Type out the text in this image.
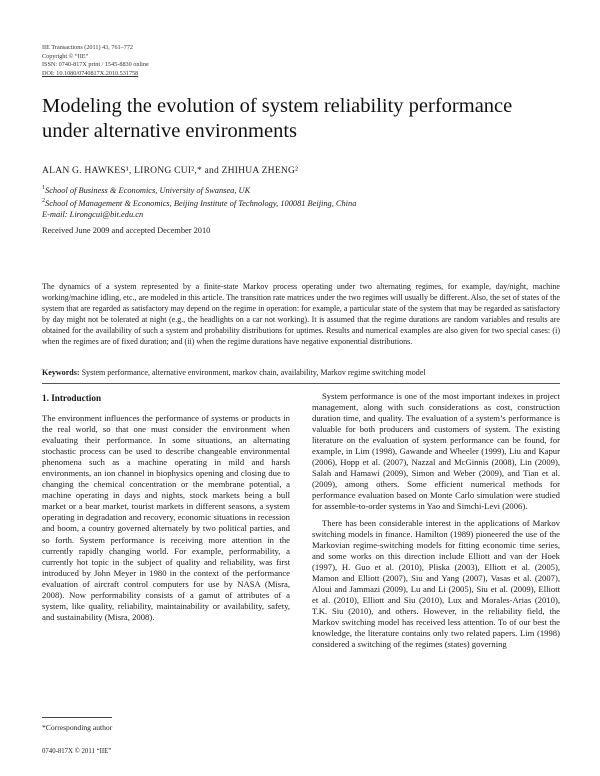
IIE Transactions (2011) 43, 761–772
Copyright © “IIE”
ISSN: 0740-817X print / 1545-8830 online
DOI: 10.1080/0740817X.2010.531758
Modeling the evolution of system reliability performance under alternative environments
ALAN G. HAWKES¹, LIRONG CUI²,* and ZHIHUA ZHENG²
$^1$School of Business & Economics, University of Swansea, UK
$^2$School of Management & Economics, Beijing Institute of Technology, 100081 Beijing, China
E-mail: Lirongcui@bit.edu.cn
Received June 2009 and accepted December 2010
The dynamics of a system represented by a finite-state Markov process operating under two alternating regimes, for example, day/night, machine working/machine idling, etc., are modeled in this article. The transition rate matrices under the two regimes will usually be different. Also, the set of states of the system that are regarded as satisfactory may depend on the regime in operation: for example, a particular state of the system that may be regarded as satisfactory by day might not be tolerated at night (e.g., the headlights on a car not working). It is assumed that the regime durations are random variables and results are obtained for the availability of such a system and probability distributions for uptimes. Results and numerical examples are also given for two special cases: (i) when the regimes are of fixed duration; and (ii) when the regime durations have negative exponential distributions.
Keywords: System performance, alternative environment, markov chain, availability, Markov regime switching model
1. Introduction

The environment influences the performance of systems or products in the real world, so that one must consider the environment when evaluating their performance. In some situations, an alternating stochastic process can be used to describe changeable environmental phenomena such as a machine operating in mild and harsh environments, an ion channel in biophysics opening and closing due to changing the chemical concentration or the membrane potential, a machine operating in days and nights, stock markets being a bull market or a bear market, tourist markets in different seasons, a system operating in degradation and recovery, economic situations in recession and boom, a country governed alternately by two political parties, and so forth. System performance is receiving more attention in the currently rapidly changing world. For example, performability, a currently hot topic in the subject of quality and reliability, was first introduced by John Meyer in 1980 in the context of the performance evaluation of aircraft control computers for use by NASA (Misra, 2008). Now performability consists of a gamut of attributes of a system, like quality, reliability, maintainability or availability, safety, and sustainability (Misra, 2008).

System performance is one of the most important indexes in project management, along with such considerations as cost, construction duration time, and quality. The evaluation of a system’s performance is valuable for both producers and customers of system. The existing literature on the evaluation of system performance can be found, for example, in Lim (1998), Gawande and Wheeler (1999), Liu and Kapur (2006), Hopp et al. (2007), Nazzal and McGinnis (2008), Lin (2009), Salah and Hamawi (2009), Simon and Weber (2009), and Tian et al. (2009), among others. Some efficient numerical methods for performance evaluation based on Monte Carlo simulation were studied for assemble-to-order systems in Yao and Simchi-Levi (2006).

There has been considerable interest in the applications of Markov switching models in finance. Hamilton (1989) pioneered the use of the Markovian regime-switching models for fitting economic time series, and some works on this direction include Elliott and van der Hoek (1997), H. Guo et al. (2010), Pliska (2003), Elliott et al. (2005), Mamon and Elliott (2007), Siu and Yang (2007), Vasas et al. (2007), Aloui and Jammazi (2009), Lu and Li (2005), Siu et al. (2009), Elliott et al. (2010), Elliott and Siu (2010), Lux and Morales-Arias (2010), T.K. Siu (2010), and others. However, in the reliability field, the Markov switching model has received less attention. To of our best the knowledge, the literature contains only two related papers. Lim (1998) considered a switching of the regimes (states) governing

*Corresponding author
0740-817X © 2011 “IIE”
